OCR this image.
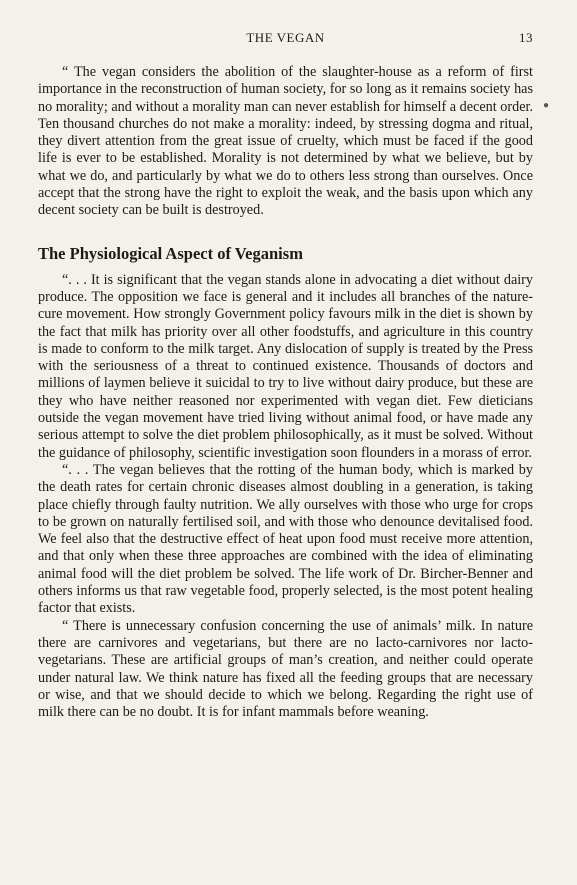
THE VEGAN	13

“ The vegan considers the abolition of the slaughter-house as a reform of first importance in the reconstruction of human society, for so long as it remains society has no morality; and without a morality man can never establish for himself a decent order. Ten thousand churches do not make a morality: indeed, by stressing dogma and ritual, they divert attention from the great issue of cruelty, which must be faced if the good life is ever to be established. Morality is not determined by what we believe, but by what we do, and particularly by what we do to others less strong than ourselves. Once accept that the strong have the right to exploit the weak, and the basis upon which any decent society can be built is destroyed.

The Physiological Aspect of Veganism

“. . . It is significant that the vegan stands alone in advocating a diet without dairy produce. The opposition we face is general and it includes all branches of the nature-cure movement. How strongly Government policy favours milk in the diet is shown by the fact that milk has priority over all other foodstuffs, and agriculture in this country is made to conform to the milk target. Any dislocation of supply is treated by the Press with the seriousness of a threat to continued existence. Thousands of doctors and millions of laymen believe it suicidal to try to live without dairy produce, but these are they who have neither reasoned nor experimented with vegan diet. Few dieticians outside the vegan movement have tried living without animal food, or have made any serious attempt to solve the diet problem philosophically, as it must be solved. Without the guidance of philosophy, scientific investigation soon flounders in a morass of error.

“. . . The vegan believes that the rotting of the human body, which is marked by the death rates for certain chronic diseases almost doubling in a generation, is taking place chiefly through faulty nutrition. We ally ourselves with those who urge for crops to be grown on naturally fertilised soil, and with those who denounce devitalised food. We feel also that the destructive effect of heat upon food must receive more attention, and that only when these three approaches are combined with the idea of eliminating animal food will the diet problem be solved. The life work of Dr. Bircher-Benner and others informs us that raw vegetable food, properly selected, is the most potent healing factor that exists.

“ There is unnecessary confusion concerning the use of animals’ milk. In nature there are carnivores and vegetarians, but there are no lacto-carnivores nor lacto-vegetarians. These are artificial groups of man’s creation, and neither could operate under natural law. We think nature has fixed all the feeding groups that are necessary or wise, and that we should decide to which we belong. Regarding the right use of milk there can be no doubt. It is for infant mammals before weaning.

●
